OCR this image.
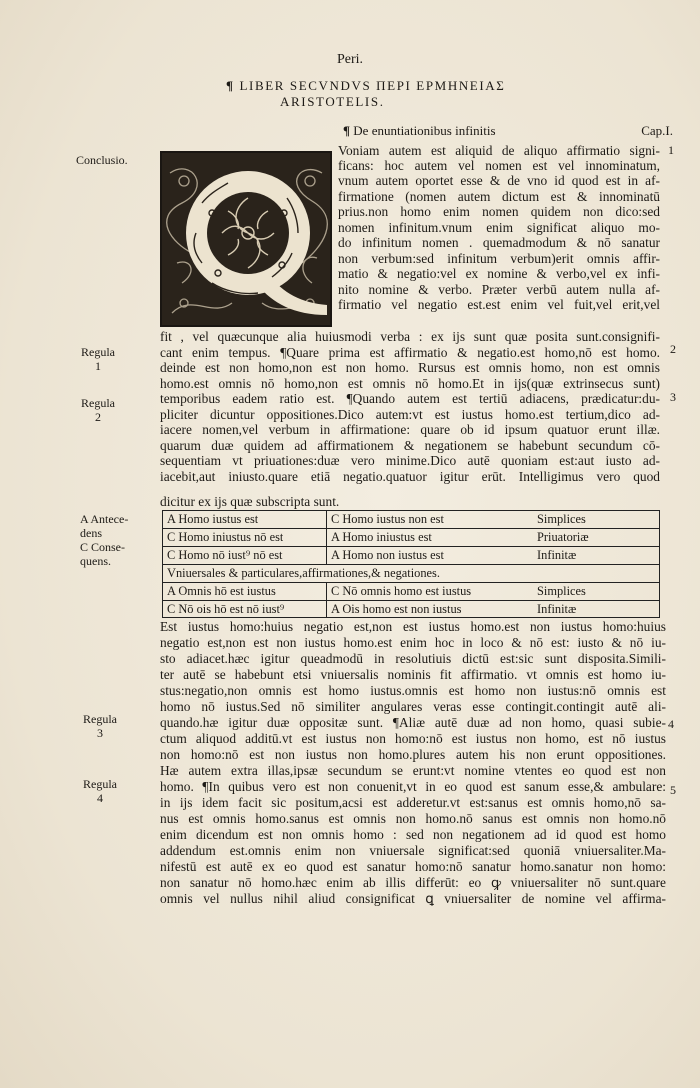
Peri.
¶ LIBER SECVNDVS ΠΕΡΙ ΕΡΜΗΝΕΙΑΣ
ARISTOTELIS.
¶ De enuntiationibus infinitis	Cap.I.
Conclusio.
Regula
1
Regula
2
A Antece-
dens
C Conse-
quens.
Regula
3
Regula
4
1
2
3
4
5
Voniam autem est aliquid de aliquo affirmatio signi-
ficans: hoc autem vel nomen est vel innominatum,
vnum autem oportet esse & de vno id quod est in af-
firmatione (nomen autem dictum est & innominatū
prius.non homo enim nomen quidem non dico:sed
nomen infinitum.vnum enim significat aliquo mo-
do infinitum nomen . quemadmodum & nō sanatur
non verbum:sed infinitum verbum)erit omnis affir-
matio & negatio:vel ex nomine & verbo,vel ex infi-
nito nomine & verbo. Præter verbū autem nulla af-
firmatio vel negatio est.est enim vel fuit,vel erit,vel
fit , vel quæcunque alia huiusmodi verba : ex ijs sunt quæ posita sunt.consignifi-
cant enim tempus. ¶Quare prima est affirmatio & negatio.est homo,nō est homo.
deinde est non homo,non est non homo. Rursus est omnis homo, non est omnis
homo.est omnis nō homo,non est omnis nō homo.Et in ijs(quæ extrinsecus sunt)
temporibus eadem ratio est. ¶Quando autem est tertiū adiacens, prædicatur:du-
pliciter dicuntur oppositiones.Dico autem:vt est iustus homo.est tertium,dico ad-
iacere nomen,vel verbum in affirmatione: quare ob id ipsum quatuor erunt illæ.
quarum duæ quidem ad affirmationem & negationem se habebunt secundum cō-
sequentiam vt priuationes:duæ vero minime.Dico autē quoniam est:aut iusto ad-
iacebit,aut iniusto.quare etiā negatio.quatuor igitur erūt. Intelligimus vero quod
dicitur ex ijs quæ subscripta sunt.
A Homo iustus est	C Homo iustus non est	Simplices
C Homo iniustus nō est	A Homo iniustus est	Priuatoriæ
C Homo nō iust⁹ nō est	A Homo non iustus est	Infinitæ
Vniuersales & particulares,affirmationes,& negationes.
A Omnis hō est iustus	C Nō omnis homo est iustus	Simplices
C Nō ois hō est nō iust⁹	A Ois homo est non iustus	Infinitæ
Est iustus homo:huius negatio est,non est iustus homo.est non iustus homo:huius
negatio est,non est non iustus homo.est enim hoc in loco & nō est: iusto & nō iu-
sto adiacet.hæc igitur queadmodū in resolutiuis dictū est:sic sunt disposita.Simili-
ter autē se habebunt etsi vniuersalis nominis fit affirmatio. vt omnis est homo iu-
stus:negatio,non omnis est homo iustus.omnis est homo non iustus:nō omnis est
homo nō iustus.Sed nō similiter angulares veras esse contingit.contingit autē ali-
quando.hæ igitur duæ oppositæ sunt. ¶Aliæ autē duæ ad non homo, quasi subie-
ctum aliquod additū.vt est iustus non homo:nō est iustus non homo, est nō iustus
non homo:nō est non iustus non homo.plures autem his non erunt oppositiones.
Hæ autem extra illas,ipsæ secundum se erunt:vt nomine vtentes eo quod est non
homo. ¶In quibus vero est non conuenit,vt in eo quod est sanum esse,& ambulare:
in ijs idem facit sic positum,acsi est adderetur.vt est:sanus est omnis homo,nō sa-
nus est omnis homo.sanus est omnis non homo.nō sanus est omnis non homo.nō
enim dicendum est non omnis homo : sed non negationem ad id quod est homo
addendum est.omnis enim non vniuersale significat:sed quoniā vniuersaliter.Ma-
nifestū est autē ex eo quod est sanatur homo:nō sanatur homo.sanatur non homo:
non sanatur nō homo.hæc enim ab illis differūt: eo ꝙ vniuersaliter nō sunt.quare
omnis vel nullus nihil aliud consignificat ꝗ vniuersaliter de nomine vel affirma-
